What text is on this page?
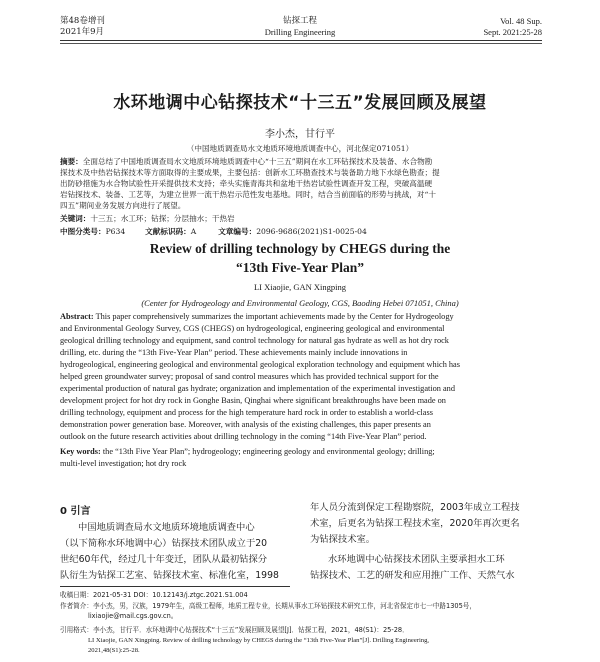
第48卷增刊
2021年9月
钻探工程
Drilling Engineering
Vol. 48 Sup.
Sept. 2021:25-28
水环地调中心钻探技术“十三五”发展回顾及展望
李小杰，甘行平
（中国地质调查局水文地质环境地质调查中心，河北保定071051）
摘要：全面总结了中国地质调查局水文地质环境地质调查中心“十三五”期间在水工环钻探技术及装备、水合物勘
探技术及中热岩钻探技术等方面取得的主要成果，主要包括：创新水工环勘查技术与装备助力地下水绿色勘查；提
出防砂措施为水合物试验性开采提供技术支持；牵头实施青海共和盆地干热岩试验性调查开发工程，突破高温硬
岩钻探技术、装备、工艺等，为建立世界一流干热岩示范性发电基地。同时，结合当前面临的形势与挑战，对“十
四五”期间业务发展方向进行了展望。
关键词：十三五；水工环；钻探；分层抽水；干热岩
中图分类号：P634	文献标识码：A	文章编号：2096-9686(2021)S1-0025-04
Review of drilling technology by CHEGS during the
“13th Five-Year Plan”
LI Xiaojie, GAN Xingping
(Center for Hydrogeology and Environmental Geology, CGS, Baoding Hebei 071051, China)
Abstract: This paper comprehensively summarizes the important achievements made by the Center for Hydrogeology
and Environmental Geology Survey, CGS (CHEGS) on hydrogeological, engineering geological and environmental
geological drilling technology and equipment, sand control technology for natural gas hydrate as well as hot dry rock
drilling, etc. during the “13th Five-Year Plan” period. These achievements mainly include innovations in
hydrogeological, engineering geological and environmental geological exploration technology and equipment which has
helped green groundwater survey; proposal of sand control measures which has provided technical support for the
experimental production of natural gas hydrate; organization and implementation of the experimental investigation and
development project for hot dry rock in Gonghe Basin, Qinghai where significant breakthroughs have been made on
drilling technology, equipment and process for the high temperature hard rock in order to establish a world-class
demonstration power generation base. Moreover, with analysis of the existing challenges, this paper presents an
outlook on the future research activities about drilling technology in the coming “14th Five-Year Plan” period.
Key words: the “13th Five Year Plan”; hydrogeology; engineering geology and environmental geology; drilling;
multi-level investigation; hot dry rock
0 引言
中国地质调查局水文地质环境地质调查中心
（以下简称水环地调中心）钻探技术团队成立于20
世纪60年代，经过几十年变迁，团队从最初钻探分
队衍生为钻探工艺室、钻探技术室、标准化室，1998
年人员分流到保定工程勘察院，2003年成立工程技
术室，后更名为钻探工程技术室，2020年再次更名
为钻探技术室。
水环地调中心钻探技术团队主要承担水工环
钻探技术、工艺的研发和应用推广工作、天然气水
收稿日期：2021-05-31 DOI：10.12143/j.ztgc.2021.S1.004
作者简介：李小杰，男，汉族，1979年生，高级工程师，地质工程专业，长期从事水工环钻探技术研究工作，河北省保定市七一中路1305号，
lixiaojie@mail.cgs.gov.cn。
引用格式：李小杰，甘行平．水环地调中心钻探技术“十三五”发展回顾及展望[J]．钻探工程，2021，48(S1)：25-28．
LI Xiaojie, GAN Xingping. Review of drilling technology by CHEGS during the “13th Five-Year Plan”[J]. Drilling Engineering,
2021,48(S1):25-28.
